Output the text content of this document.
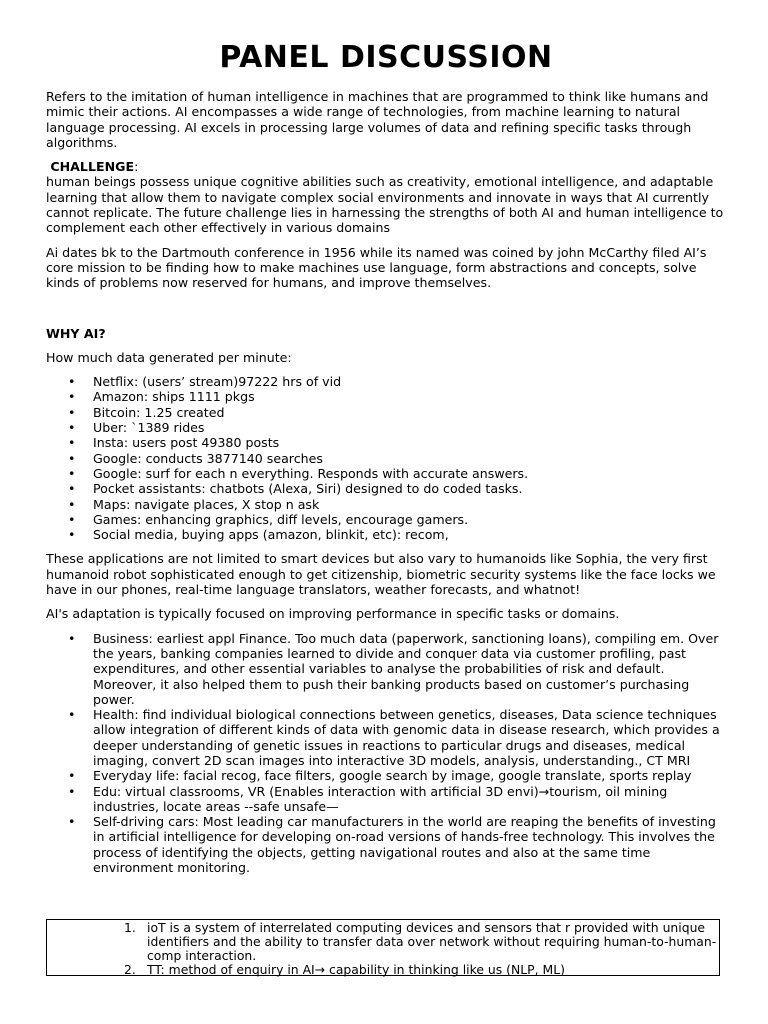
PANEL DISCUSSION

Refers to the imitation of human intelligence in machines that are programmed to think like humans and mimic their actions. AI encompasses a wide range of technologies, from machine learning to natural language processing. AI excels in processing large volumes of data and refining specific tasks through algorithms.

CHALLENGE:

human beings possess unique cognitive abilities such as creativity, emotional intelligence, and adaptable learning that allow them to navigate complex social environments and innovate in ways that AI currently cannot replicate. The future challenge lies in harnessing the strengths of both AI and human intelligence to complement each other effectively in various domains

Ai dates bk to the Dartmouth conference in 1956 while its named was coined by john McCarthy filed AI’s core mission to be finding how to make machines use language, form abstractions and concepts, solve kinds of problems now reserved for humans, and improve themselves.

WHY AI?

How much data generated per minute:

• Netflix: (users’ stream)97222 hrs of vid
• Amazon: ships 1111 pkgs
• Bitcoin: 1.25 created
• Uber: `1389 rides
• Insta: users post 49380 posts
• Google: conducts 3877140 searches
• Google: surf for each n everything. Responds with accurate answers.
• Pocket assistants: chatbots (Alexa, Siri) designed to do coded tasks.
• Maps: navigate places, X stop n ask
• Games: enhancing graphics, diff levels, encourage gamers.
• Social media, buying apps (amazon, blinkit, etc): recom,

These applications are not limited to smart devices but also vary to humanoids like Sophia, the very first humanoid robot sophisticated enough to get citizenship, biometric security systems like the face locks we have in our phones, real-time language translators, weather forecasts, and whatnot!

AI's adaptation is typically focused on improving performance in specific tasks or domains.

• Business: earliest appl Finance. Too much data (paperwork, sanctioning loans), compiling em. Over the years, banking companies learned to divide and conquer data via customer profiling, past expenditures, and other essential variables to analyse the probabilities of risk and default. Moreover, it also helped them to push their banking products based on customer’s purchasing power.
• Health: find individual biological connections between genetics, diseases, Data science techniques allow integration of different kinds of data with genomic data in disease research, which provides a deeper understanding of genetic issues in reactions to particular drugs and diseases, medical imaging, convert 2D scan images into interactive 3D models, analysis, understanding., CT MRI
• Everyday life: facial recog, face filters, google search by image, google translate, sports replay
• Edu: virtual classrooms, VR (Enables interaction with artificial 3D envi)→tourism, oil mining industries, locate areas --safe unsafe—
• Self-driving cars: Most leading car manufacturers in the world are reaping the benefits of investing in artificial intelligence for developing on-road versions of hands-free technology. This involves the process of identifying the objects, getting navigational routes and also at the same time environment monitoring.
1. ioT is a system of interrelated computing devices and sensors that r provided with unique identifiers and the ability to transfer data over network without requiring human-to-human-comp interaction.
2. TT: method of enquiry in AI→ capability in thinking like us (NLP, ML)
